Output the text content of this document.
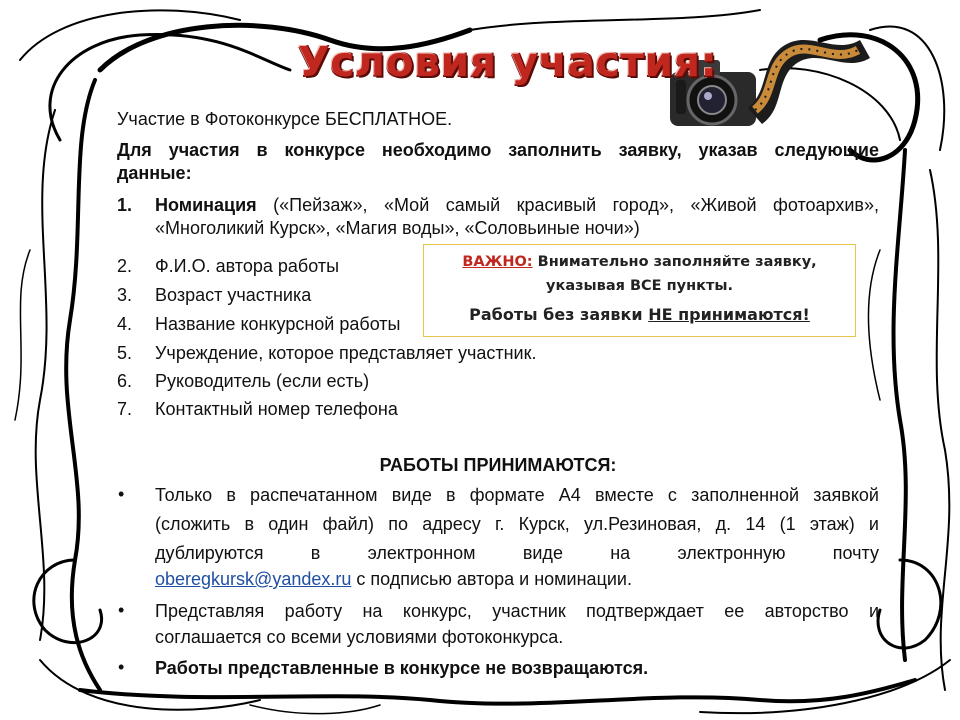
Условия участия:
Участие в Фотоконкурсе БЕСПЛАТНОЕ.
Для участия в конкурсе необходимо заполнить заявку, указав следующие
данные:
1. Номинация («Пейзаж», «Мой самый красивый город», «Живой фотоархив»,
«Многоликий Курск», «Магия воды», «Соловьиные ночи»)
2. Ф.И.О. автора работы
3. Возраст участника
4. Название конкурсной работы
5. Учреждение, которое представляет участник.
6. Руководитель (если есть)
7. Контактный номер телефона
ВАЖНО: Внимательно заполняйте заявку,
указывая ВСЕ пункты.
Работы без заявки НЕ принимаются!
РАБОТЫ ПРИНИМАЮТСЯ:
• Только в распечатанном виде в формате А4 вместе с заполненной заявкой
(сложить в один файл) по адресу г. Курск, ул.Резиновая, д. 14 (1 этаж) и
дублируются в электронном виде на электронную почту
oberegkursk@yandex.ru с подписью автора и номинации.
• Представляя работу на конкурс, участник подтверждает ее авторство и
соглашается со всеми условиями фотоконкурса.
• Работы представленные в конкурсе не возвращаются.
